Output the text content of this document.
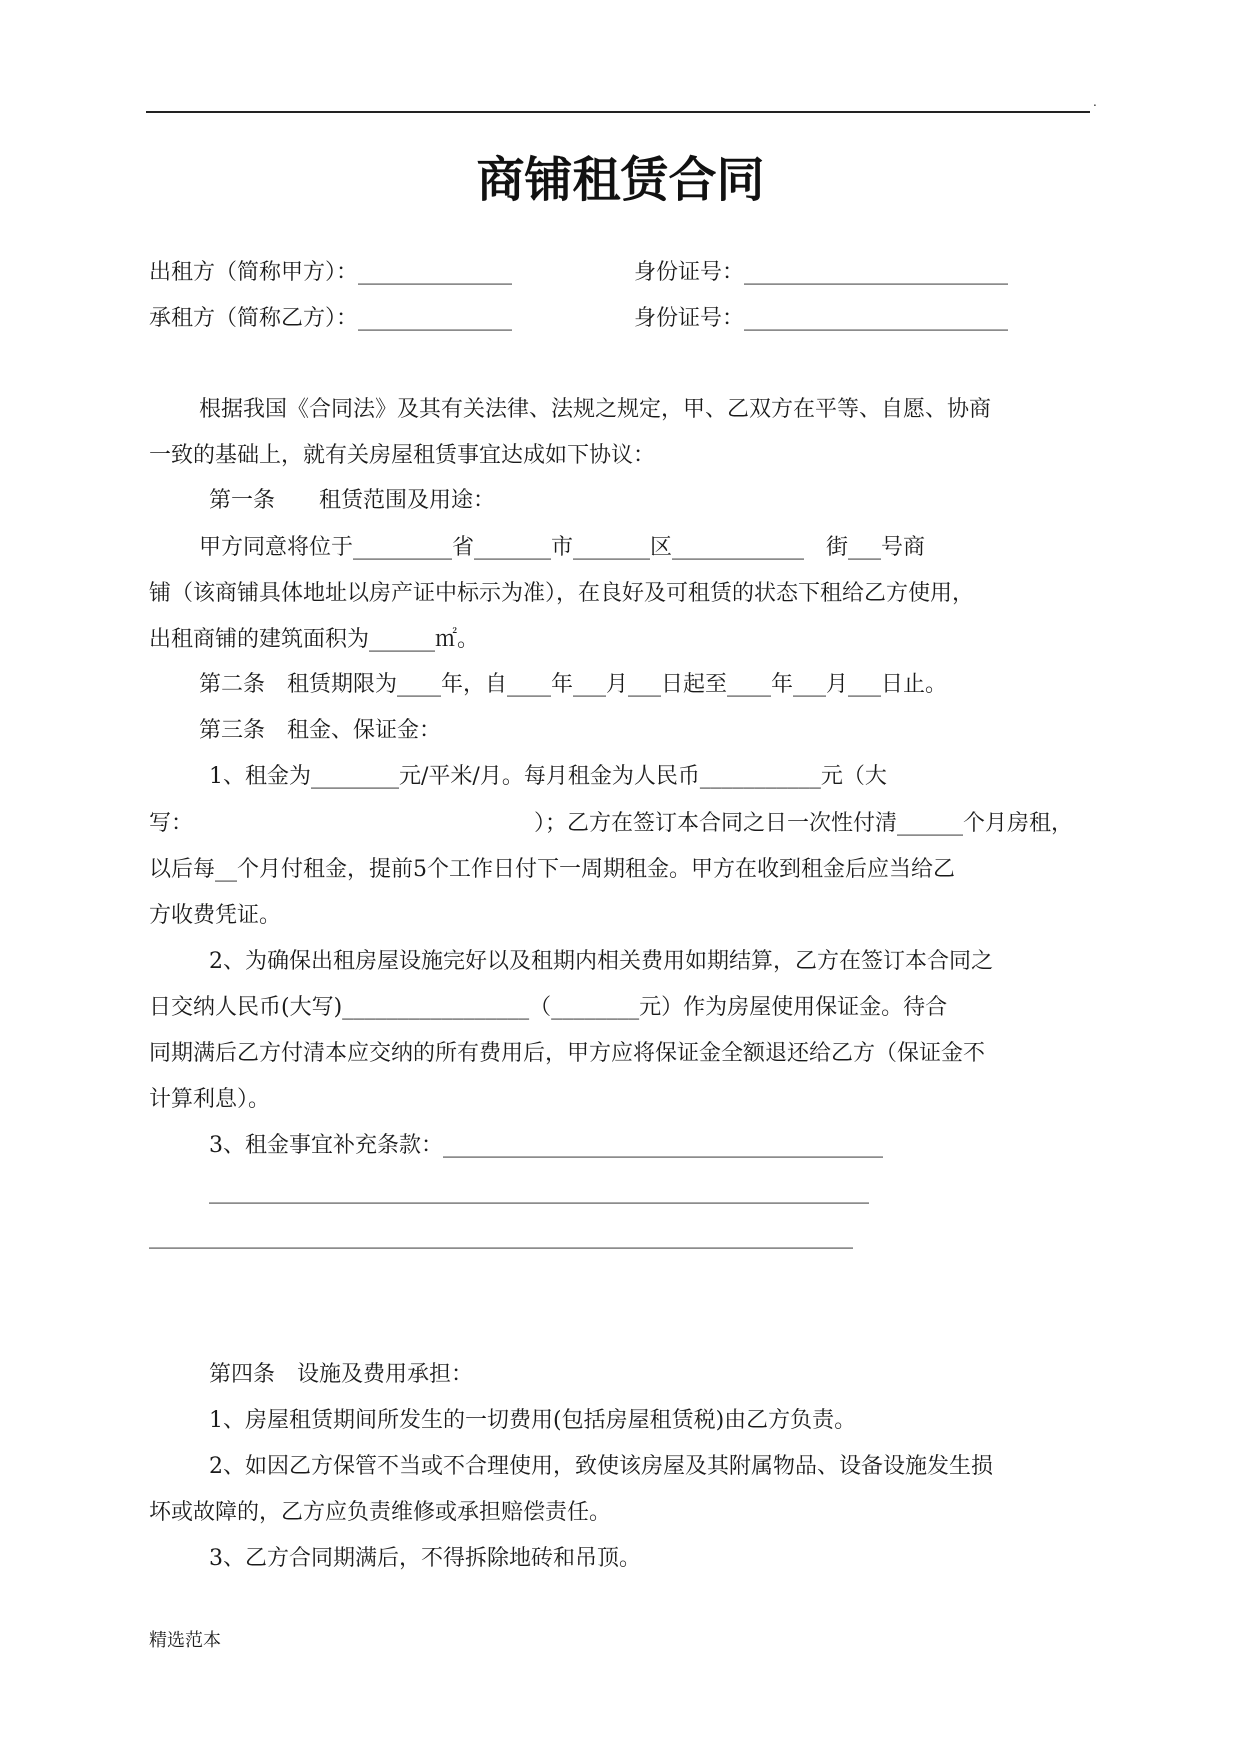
.
商铺租赁合同
出租方（简称甲方）：______________	身份证号：________________________
承租方（简称乙方）：______________	身份证号：________________________
根据我国《合同法》及其有关法律、法规之规定，甲、乙双方在平等、自愿、协商
一致的基础上，就有关房屋租赁事宜达成如下协议：
第一条　　租赁范围及用途：
甲方同意将位于_________省_______市_______区____________　街___号商
铺（该商铺具体地址以房产证中标示为准），在良好及可租赁的状态下租给乙方使用，
出租商铺的建筑面积为______㎡。
第二条　租赁期限为____年，自____年___月___日起至____年___月___日止。
第三条　租金、保证金：
1、租金为________元/平米/月。每月租金为人民币___________元（大
写：　　　　　　　　　　　　　　　　）；乙方在签订本合同之日一次性付清______个月房租，
以后每__个月付租金，提前5个工作日付下一周期租金。甲方在收到租金后应当给乙
方收费凭证。
2、为确保出租房屋设施完好以及租期内相关费用如期结算，乙方在签订本合同之
日交纳人民币(大写)_________________（________元）作为房屋使用保证金。待合
同期满后乙方付清本应交纳的所有费用后，甲方应将保证金全额退还给乙方（保证金不
计算利息）。
3、租金事宜补充条款：________________________________________
____________________________________________________________
________________________________________________________________
第四条　设施及费用承担：
1、房屋租赁期间所发生的一切费用(包括房屋租赁税)由乙方负责。
2、如因乙方保管不当或不合理使用，致使该房屋及其附属物品、设备设施发生损
坏或故障的，乙方应负责维修或承担赔偿责任。
3、乙方合同期满后，不得拆除地砖和吊顶。
精选范本
